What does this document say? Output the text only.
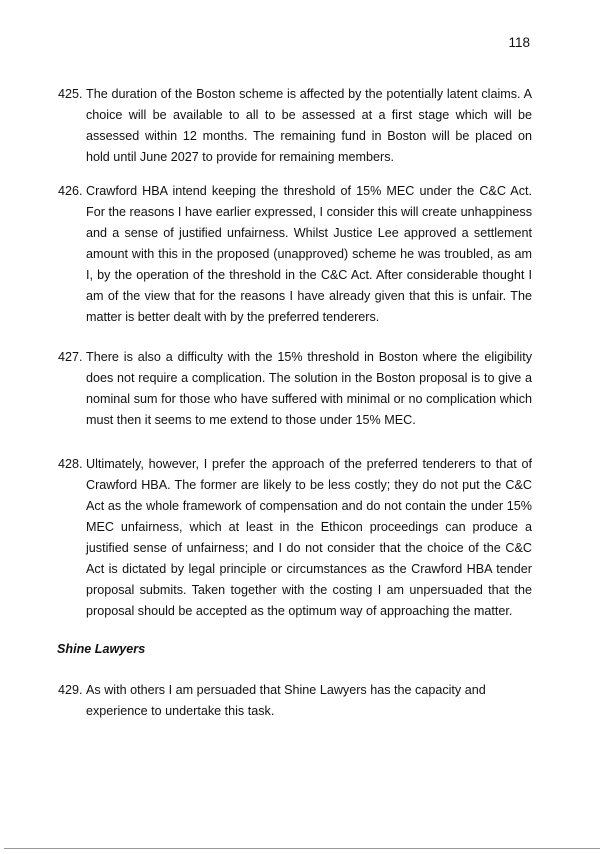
118
425. The duration of the Boston scheme is affected by the potentially latent claims. A choice will be available to all to be assessed at a first stage which will be assessed within 12 months. The remaining fund in Boston will be placed on hold until June 2027 to provide for remaining members.
426. Crawford HBA intend keeping the threshold of 15% MEC under the C&C Act. For the reasons I have earlier expressed, I consider this will create unhappiness and a sense of justified unfairness. Whilst Justice Lee approved a settlement amount with this in the proposed (unapproved) scheme he was troubled, as am I, by the operation of the threshold in the C&C Act. After considerable thought I am of the view that for the reasons I have already given that this is unfair. The matter is better dealt with by the preferred tenderers.
427. There is also a difficulty with the 15% threshold in Boston where the eligibility does not require a complication. The solution in the Boston proposal is to give a nominal sum for those who have suffered with minimal or no complication which must then it seems to me extend to those under 15% MEC.
428. Ultimately, however, I prefer the approach of the preferred tenderers to that of Crawford HBA. The former are likely to be less costly; they do not put the C&C Act as the whole framework of compensation and do not contain the under 15% MEC unfairness, which at least in the Ethicon proceedings can produce a justified sense of unfairness; and I do not consider that the choice of the C&C Act is dictated by legal principle or circumstances as the Crawford HBA tender proposal submits. Taken together with the costing I am unpersuaded that the proposal should be accepted as the optimum way of approaching the matter.
Shine Lawyers
429. As with others I am persuaded that Shine Lawyers has the capacity and experience to undertake this task.
